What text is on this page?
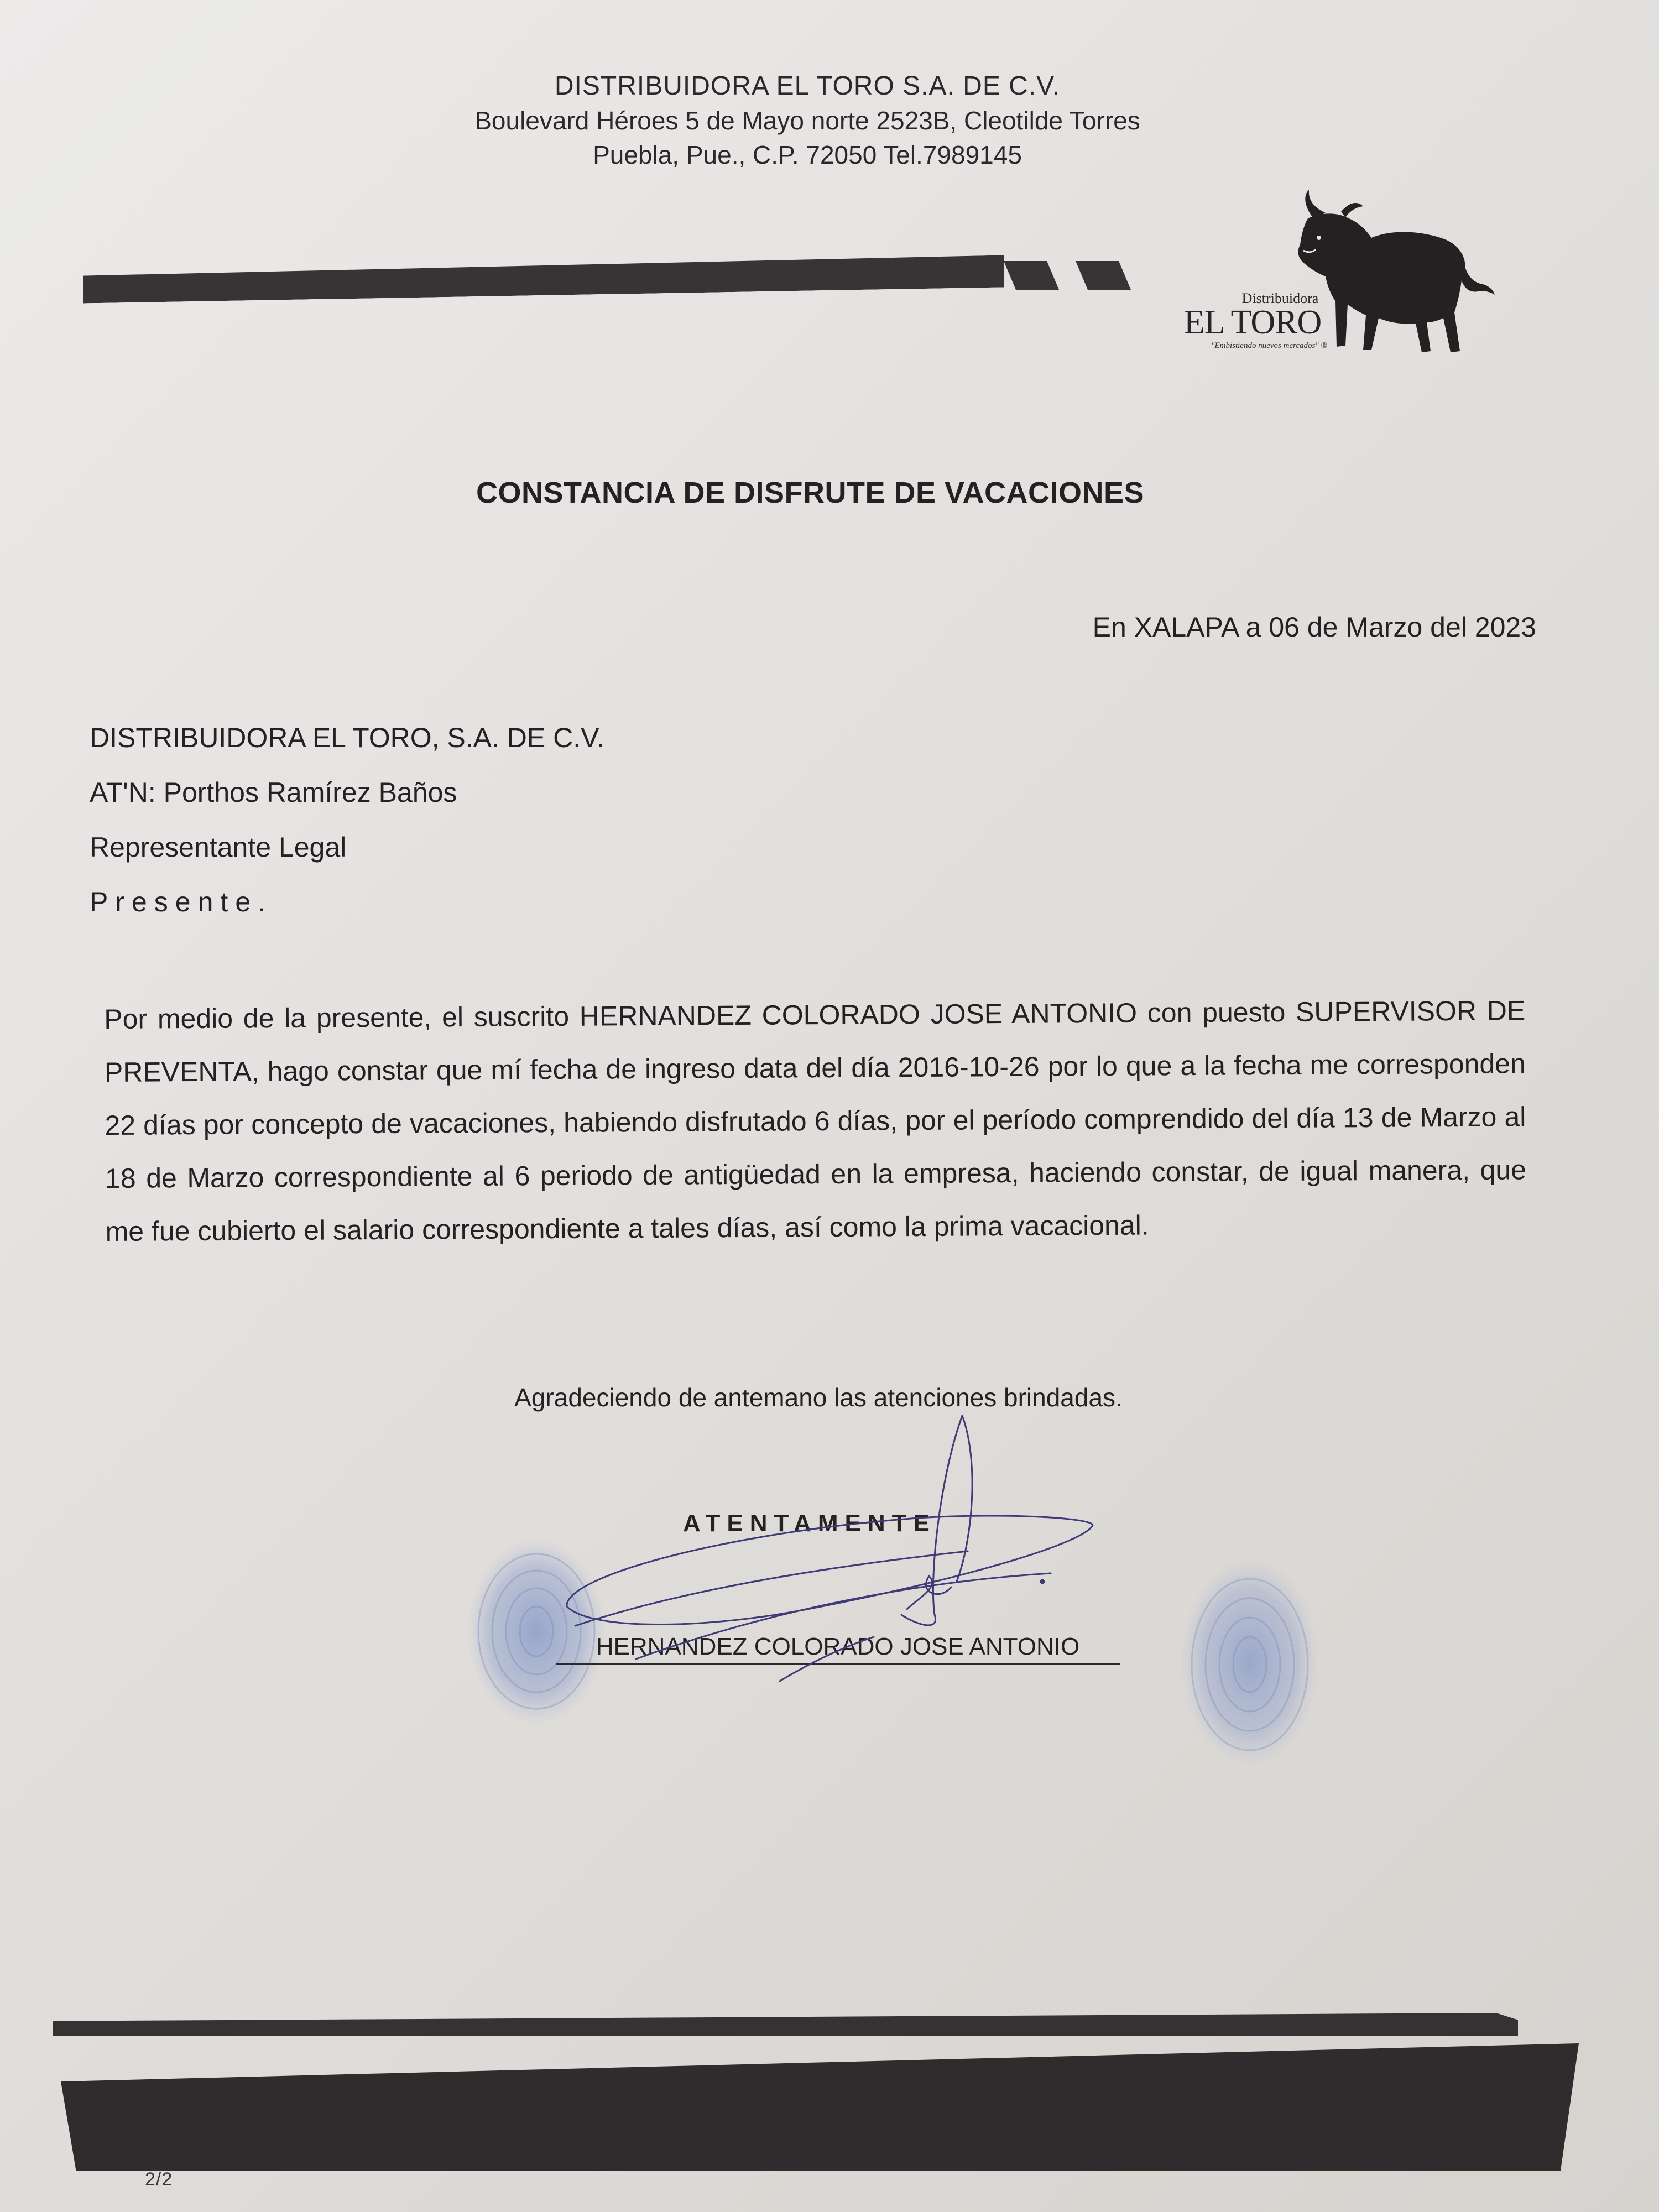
DISTRIBUIDORA EL TORO S.A. DE C.V.
Boulevard Héroes 5 de Mayo norte 2523B, Cleotilde Torres
Puebla, Pue., C.P. 72050 Tel.7989145
Distribuidora
EL TORO
"Embistiendo nuevos mercados" ®
CONSTANCIA DE DISFRUTE DE VACACIONES
En XALAPA a 06 de Marzo del 2023
DISTRIBUIDORA EL TORO, S.A. DE C.V.
AT'N: Porthos Ramírez Baños
Representante Legal
Presente.
Por medio de la presente, el suscrito HERNANDEZ COLORADO JOSE ANTONIO con puesto SUPERVISOR DE PREVENTA, hago constar que mí fecha de ingreso data del día 2016-10-26 por lo que a la fecha me corresponden 22 días por concepto de vacaciones, habiendo disfrutado 6 días, por el período comprendido del día 13 de Marzo al 18 de Marzo correspondiente al 6 periodo de antigüedad en la empresa, haciendo constar, de igual manera, que me fue cubierto el salario correspondiente a tales días, así como la prima vacacional.
Agradeciendo de antemano las atenciones brindadas.
ATENTAMENTE
HERNANDEZ COLORADO JOSE ANTONIO
2/2
